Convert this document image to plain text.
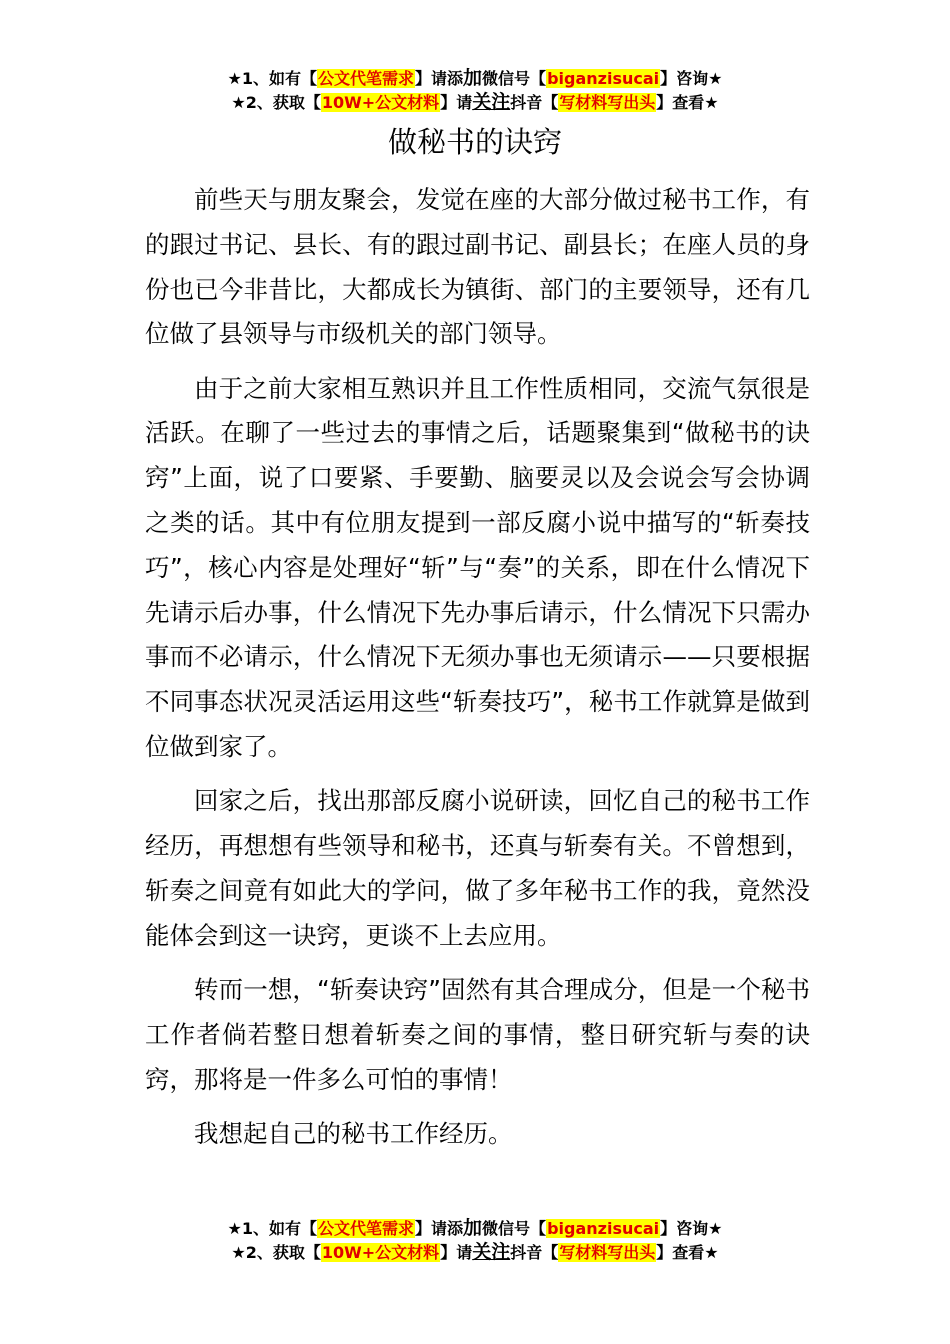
★1、如有【公文代笔需求】请添加微信号【biganzisucai】咨询★
★2、获取【10W+公文材料】请关注抖音【写材料写出头】查看★
做秘书的诀窍

前些天与朋友聚会，发觉在座的大部分做过秘书工作，有的跟过书记、县长、有的跟过副书记、副县长；在座人员的身份也已今非昔比，大都成长为镇街、部门的主要领导，还有几位做了县领导与市级机关的部门领导。

由于之前大家相互熟识并且工作性质相同，交流气氛很是活跃。在聊了一些过去的事情之后，话题聚集到“做秘书的诀窍”上面，说了口要紧、手要勤、脑要灵以及会说会写会协调之类的话。其中有位朋友提到一部反腐小说中描写的“斩奏技巧”，核心内容是处理好“斩”与“奏”的关系，即在什么情况下先请示后办事，什么情况下先办事后请示，什么情况下只需办事而不必请示，什么情况下无须办事也无须请示——只要根据不同事态状况灵活运用这些“斩奏技巧”，秘书工作就算是做到位做到家了。

回家之后，找出那部反腐小说研读，回忆自己的秘书工作经历，再想想有些领导和秘书，还真与斩奏有关。不曾想到，斩奏之间竟有如此大的学问，做了多年秘书工作的我，竟然没能体会到这一诀窍，更谈不上去应用。

转而一想，“斩奏诀窍”固然有其合理成分，但是一个秘书工作者倘若整日想着斩奏之间的事情，整日研究斩与奏的诀窍，那将是一件多么可怕的事情！

我想起自己的秘书工作经历。

★1、如有【公文代笔需求】请添加微信号【biganzisucai】咨询★
★2、获取【10W+公文材料】请关注抖音【写材料写出头】查看★
